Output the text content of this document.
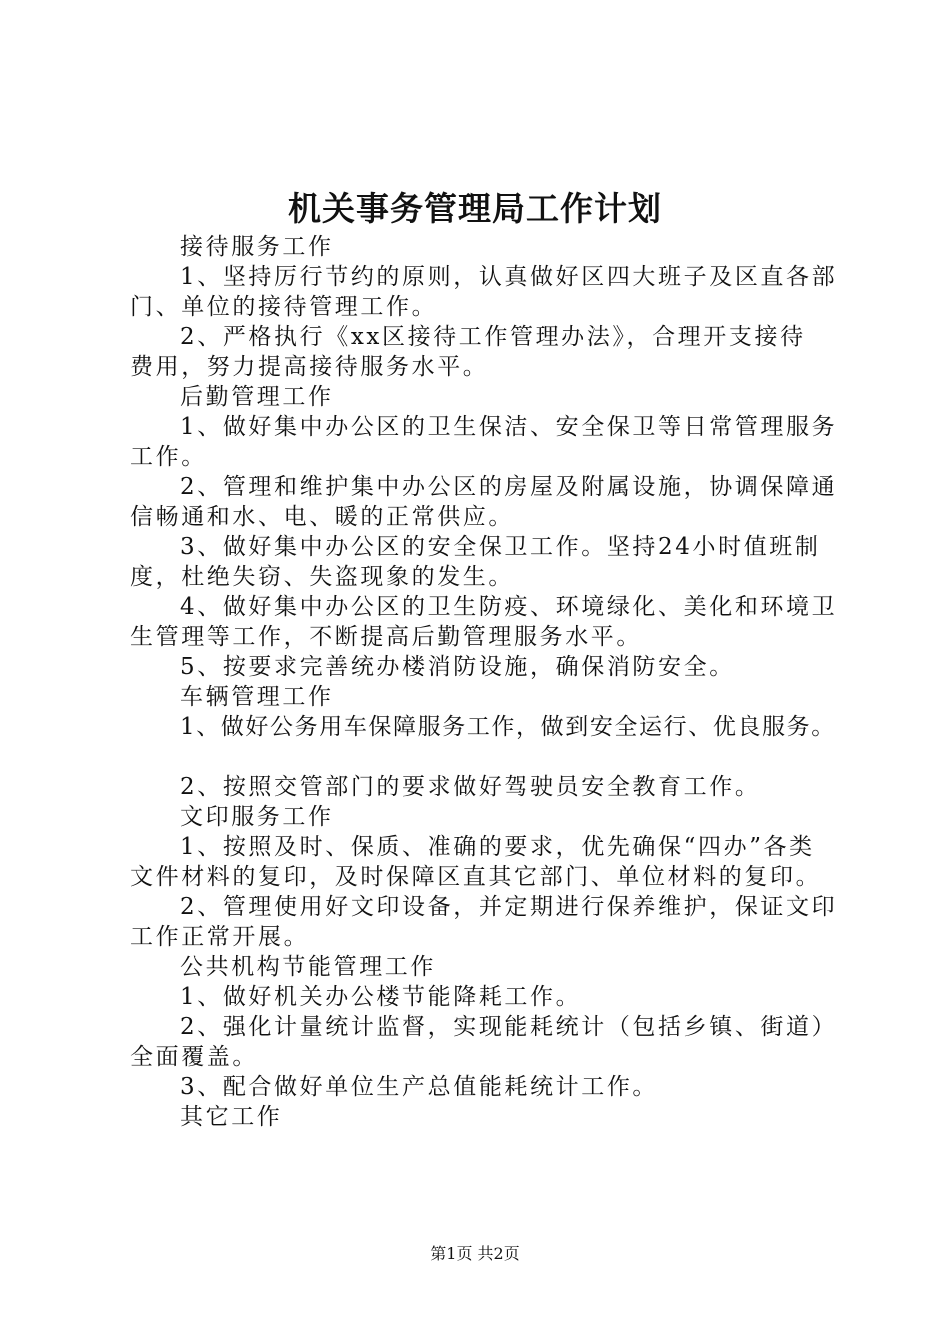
机关事务管理局工作计划

接待服务工作

1、坚持厉行节约的原则，认真做好区四大班子及区直各部

门、单位的接待管理工作。

2、严格执行《xx区接待工作管理办法》，合理开支接待

费用，努力提高接待服务水平。

后勤管理工作

1、做好集中办公区的卫生保洁、安全保卫等日常管理服务

工作。

2、管理和维护集中办公区的房屋及附属设施，协调保障通

信畅通和水、电、暖的正常供应。

3、做好集中办公区的安全保卫工作。坚持24小时值班制

度，杜绝失窃、失盗现象的发生。

4、做好集中办公区的卫生防疫、环境绿化、美化和环境卫

生管理等工作，不断提高后勤管理服务水平。

5、按要求完善统办楼消防设施，确保消防安全。

车辆管理工作

1、做好公务用车保障服务工作，做到安全运行、优良服务。

2、按照交管部门的要求做好驾驶员安全教育工作。

文印服务工作

1、按照及时、保质、准确的要求，优先确保“四办”各类

文件材料的复印，及时保障区直其它部门、单位材料的复印。

2、管理使用好文印设备，并定期进行保养维护，保证文印

工作正常开展。

公共机构节能管理工作

1、做好机关办公楼节能降耗工作。

2、强化计量统计监督，实现能耗统计（包括乡镇、街道）

全面覆盖。

3、配合做好单位生产总值能耗统计工作。

其它工作

第1页 共2页
